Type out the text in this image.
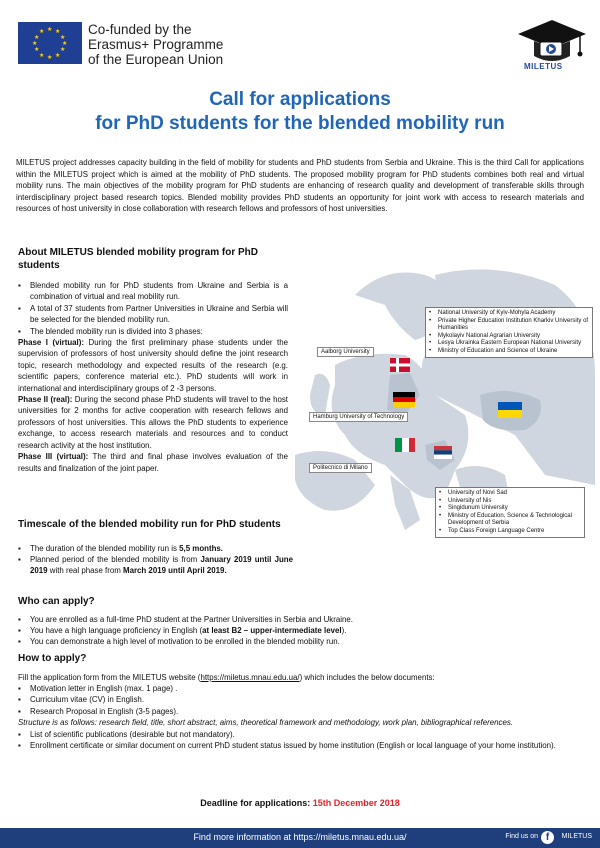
★ ★
★
★
★
★
★
★
★
★
★
★	Co-funded by the
Erasmus+ Programme
of the European Union	MILETUS
Call for applications
for PhD students for the blended mobility run
MILETUS project addresses capacity building in the field of mobility for students and PhD students from Serbia and Ukraine. This is the third Call for applications within the MILETUS project which is aimed at the mobility of PhD students. The proposed mobility program for PhD students combines both real and virtual mobility runs. The main objectives of the mobility program for PhD students are enhancing of research quality and development of transferable skills through interdisciplinary project based research topics. Blended mobility provides PhD students an opportunity for joint work with access to research materials and resources of host university in close collaboration with research fellows and professors of host universities.
About MILETUS blended mobility program for PhD students
▪ Blended mobility run for PhD students from Ukraine and Serbia is a combination of virtual and real mobility run.
▪ A total of 37 students from Partner Universities in Ukraine and Serbia will be selected for the blended mobility run.
▪ The blended mobility run is divided into 3 phases:

Phase I (virtual): During the first preliminary phase students under the supervision of professors of host university should define the joint research topic, research methodology and expected results of the research (e.g. scientific papers, conference material etc.). PhD students will work in international and interdisciplinary groups of 2 -3 persons.

Phase II (real): During the second phase PhD students will travel to the host universities for 2 months for active cooperation with research fellows and professors of host universities. This allows the PhD students to experience exchange, to access research materials and resources and to conduct research activity at the host institution.

Phase III (virtual): The third and final phase involves evaluation of the results and finalization of the joint paper.

• National University of Kyiv-Mohyla Academy
• Private Higher Education Institution Kharkiv University of Humanities
• Mykolayiv National Agrarian University
• Lesya Ukrainka Eastern European National University
• Ministry of Education and Science of Ukraine
• University of Novi Sad
• University of Nis
• Singidunum University
• Ministry of Education, Science & Technological Development of Serbia
• Top Class Foreign Language Centre
Aalborg University
Hamburg University of Technology
Politecnico di Milano
Timescale of the blended mobility run for PhD students
▪ The duration of the blended mobility run is 5,5 months.
▪ Planned period of the blended mobility is from January 2019 until June 2019 with real phase from March 2019 until April 2019.
Who can apply?
▪ You are enrolled as a full-time PhD student at the Partner Universities in Serbia and Ukraine.
▪ You have a high language proficiency in English (at least B2 – upper-intermediate level).
▪ You can demonstrate a high level of motivation to be enrolled in the blended mobility run.
How to apply?

Fill the application form from the MILETUS website (https://miletus.mnau.edu.ua/) which includes the below documents:

▪ Motivation letter in English (max. 1 page) .
▪ Curriculum vitae (CV) in English.
▪ Research Proposal in English (3-5 pages).

Structure is as follows: research field, title, short abstract, aims, theoretical framework and methodology, work plan, bibliographical references.

▪ List of scientific publications (desirable but not mandatory).
▪ Enrollment certificate or similar document on current PhD student status issued by home institution (English or local language of your home institution).
Deadline for applications: 15th December 2018
Find more information at https://miletus.mnau.edu.ua/	Find us on f	MILETUS
